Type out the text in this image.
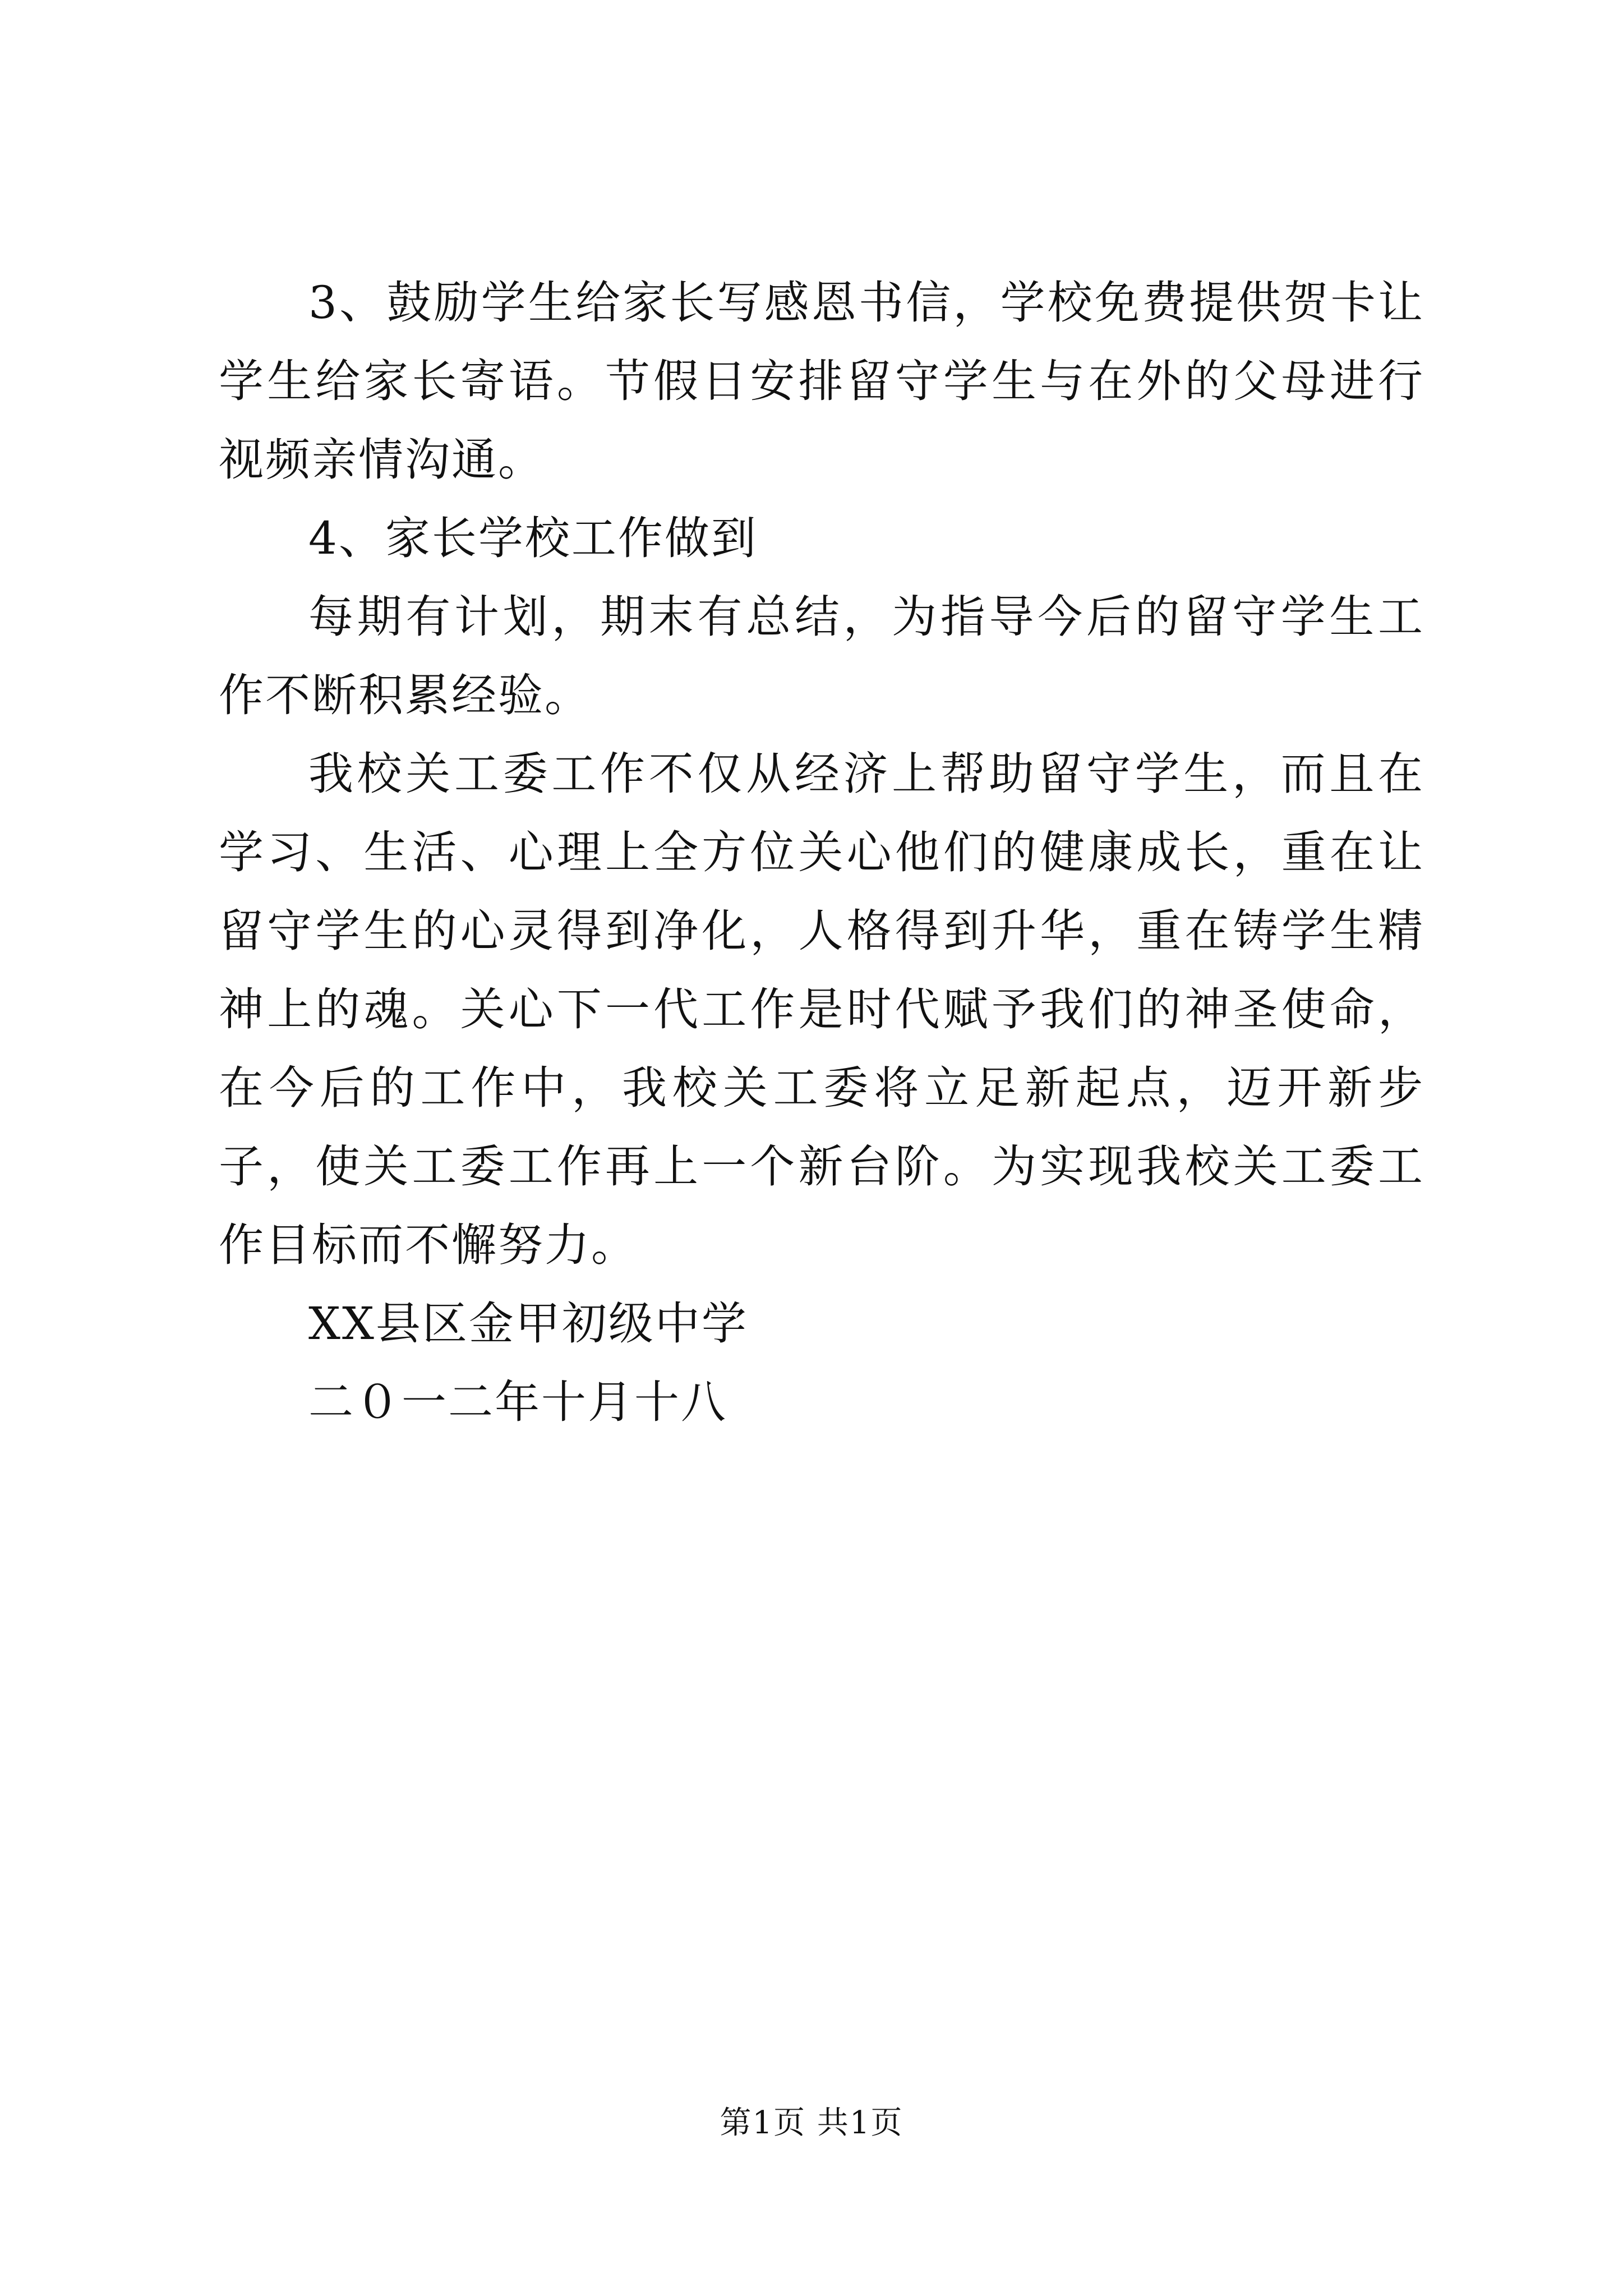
3、鼓励学生给家长写感恩书信，学校免费提供贺卡让学生给家长寄语。节假日安排留守学生与在外的父母进行视频亲情沟通。

4、家长学校工作做到

每期有计划，期末有总结，为指导今后的留守学生工作不断积累经验。

我校关工委工作不仅从经济上帮助留守学生，而且在学习、生活、心理上全方位关心他们的健康成长，重在让留守学生的心灵得到净化，人格得到升华，重在铸学生精神上的魂。关心下一代工作是时代赋予我们的神圣使命，在今后的工作中，我校关工委将立足新起点，迈开新步子，使关工委工作再上一个新台阶。为实现我校关工委工作目标而不懈努力。

XX县区金甲初级中学

二０一二年十月十八

第1页 共1页
